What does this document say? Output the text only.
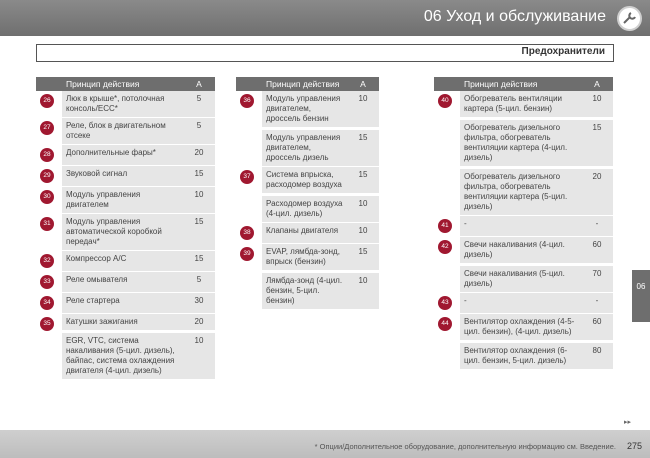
06 Уход и обслуживание
Предохранители
	Принцип действия	A
26	Люк в крыше*, потолочная консоль/ECC*	5
27	Реле, блок в двигательном отсеке	5
28	Дополнительные фары*	20
29	Звуковой сигнал	15
30	Модуль управления двигателем	10
31	Модуль управления автоматической коробкой передач*	15
32	Компрессор A/C	15
33	Реле омывателя	5
34	Реле стартера	30
35	Катушки зажигания	20
	EGR, VTC, система накаливания (5-цил. дизель), байпас, система охлаждения двигателя (4-цил. дизель)	10
	Принцип действия	A
36	Модуль управления двигателем, дроссель бензин	10
	Модуль управления двигателем, дроссель дизель	15
37	Система впрыска, расходомер воздуха	15
	Расходомер воздуха (4-цил. дизель)	10
38	Клапаны двигателя	10
39	EVAP, лямбда-зонд, впрыск (бензин)	15
	Лямбда-зонд (4-цил. бензин, 5-цил. бензин)	10
	Принцип действия	A
40	Обогреватель вентиляции картера (5-цил. бензин)	10
	Обогреватель дизельного фильтра, обогреватель вентиляции картера (4-цил. дизель)	15
	Обогреватель дизельного фильтра, обогреватель вентиляции картера (5-цил. дизель)	20
41	-	-
42	Свечи накаливания (4-цил. дизель)	60
	Свечи накаливания (5-цил. дизель)	70
43	-	-
44	Вентилятор охлаждения (4-5-цил. бензин), (4-цил. дизель)	60
	Вентилятор охлаждения (6-цил. бензин, 5-цил. дизель)	80
06
▸▸
* Опции/Дополнительное оборудование, дополнительную информацию см. Введение. 275
